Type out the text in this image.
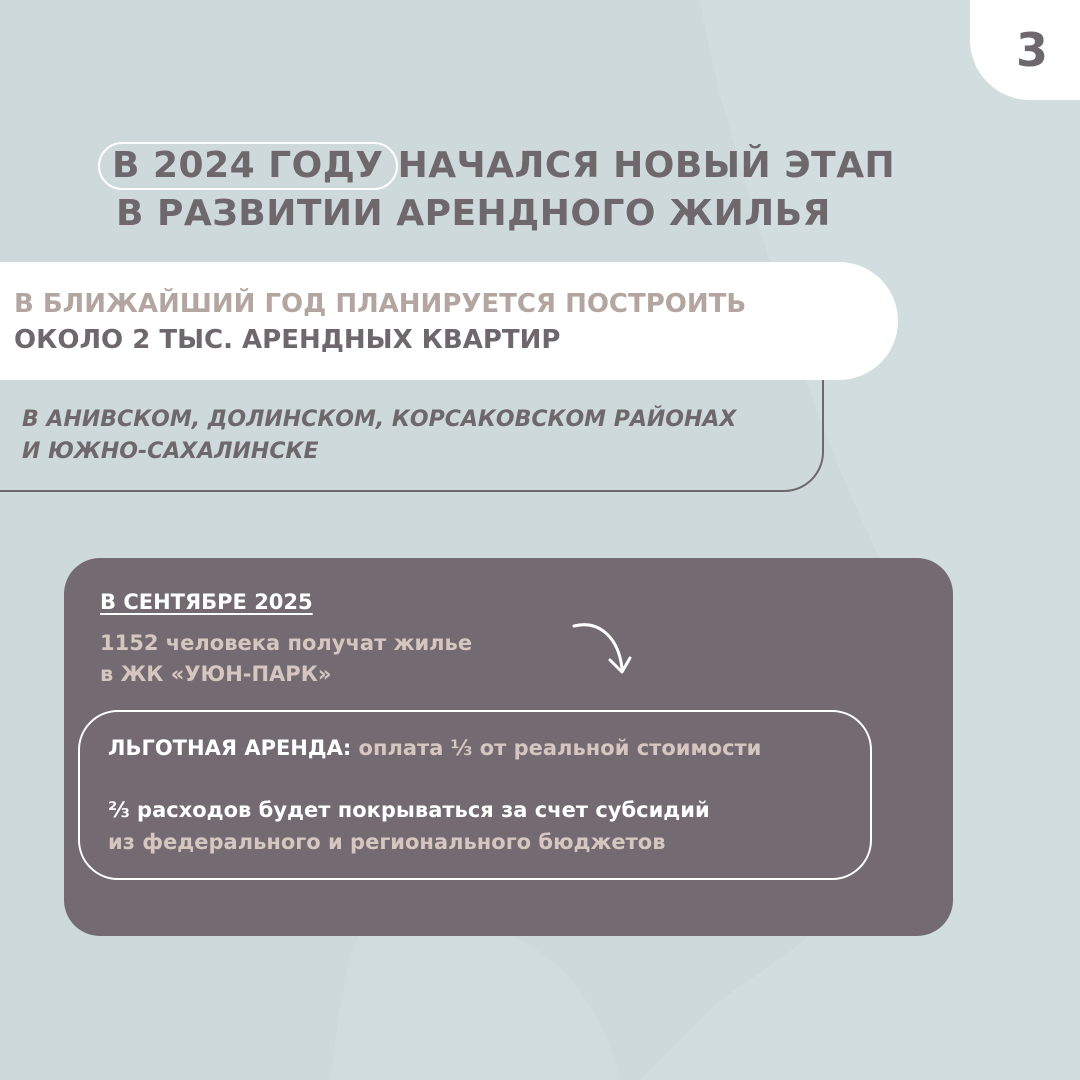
3
В 2024 ГОДУ НАЧАЛСЯ НОВЫЙ ЭТАП
В РАЗВИТИИ АРЕНДНОГО ЖИЛЬЯ
В БЛИЖАЙШИЙ ГОД ПЛАНИРУЕТСЯ ПОСТРОИТЬ
ОКОЛО 2 ТЫС. АРЕНДНЫХ КВАРТИР
В АНИВСКОМ, ДОЛИНСКОМ, КОРСАКОВСКОМ РАЙОНАХ
И ЮЖНО-САХАЛИНСКЕ
В СЕНТЯБРЕ 2025
1152 человека получат жилье
в ЖК «УЮН-ПАРК»
ЛЬГОТНАЯ АРЕНДА: оплата ⅓ от реальной стоимости
⅔ расходов будет покрываться за счет субсидий
из федерального и регионального бюджетов
